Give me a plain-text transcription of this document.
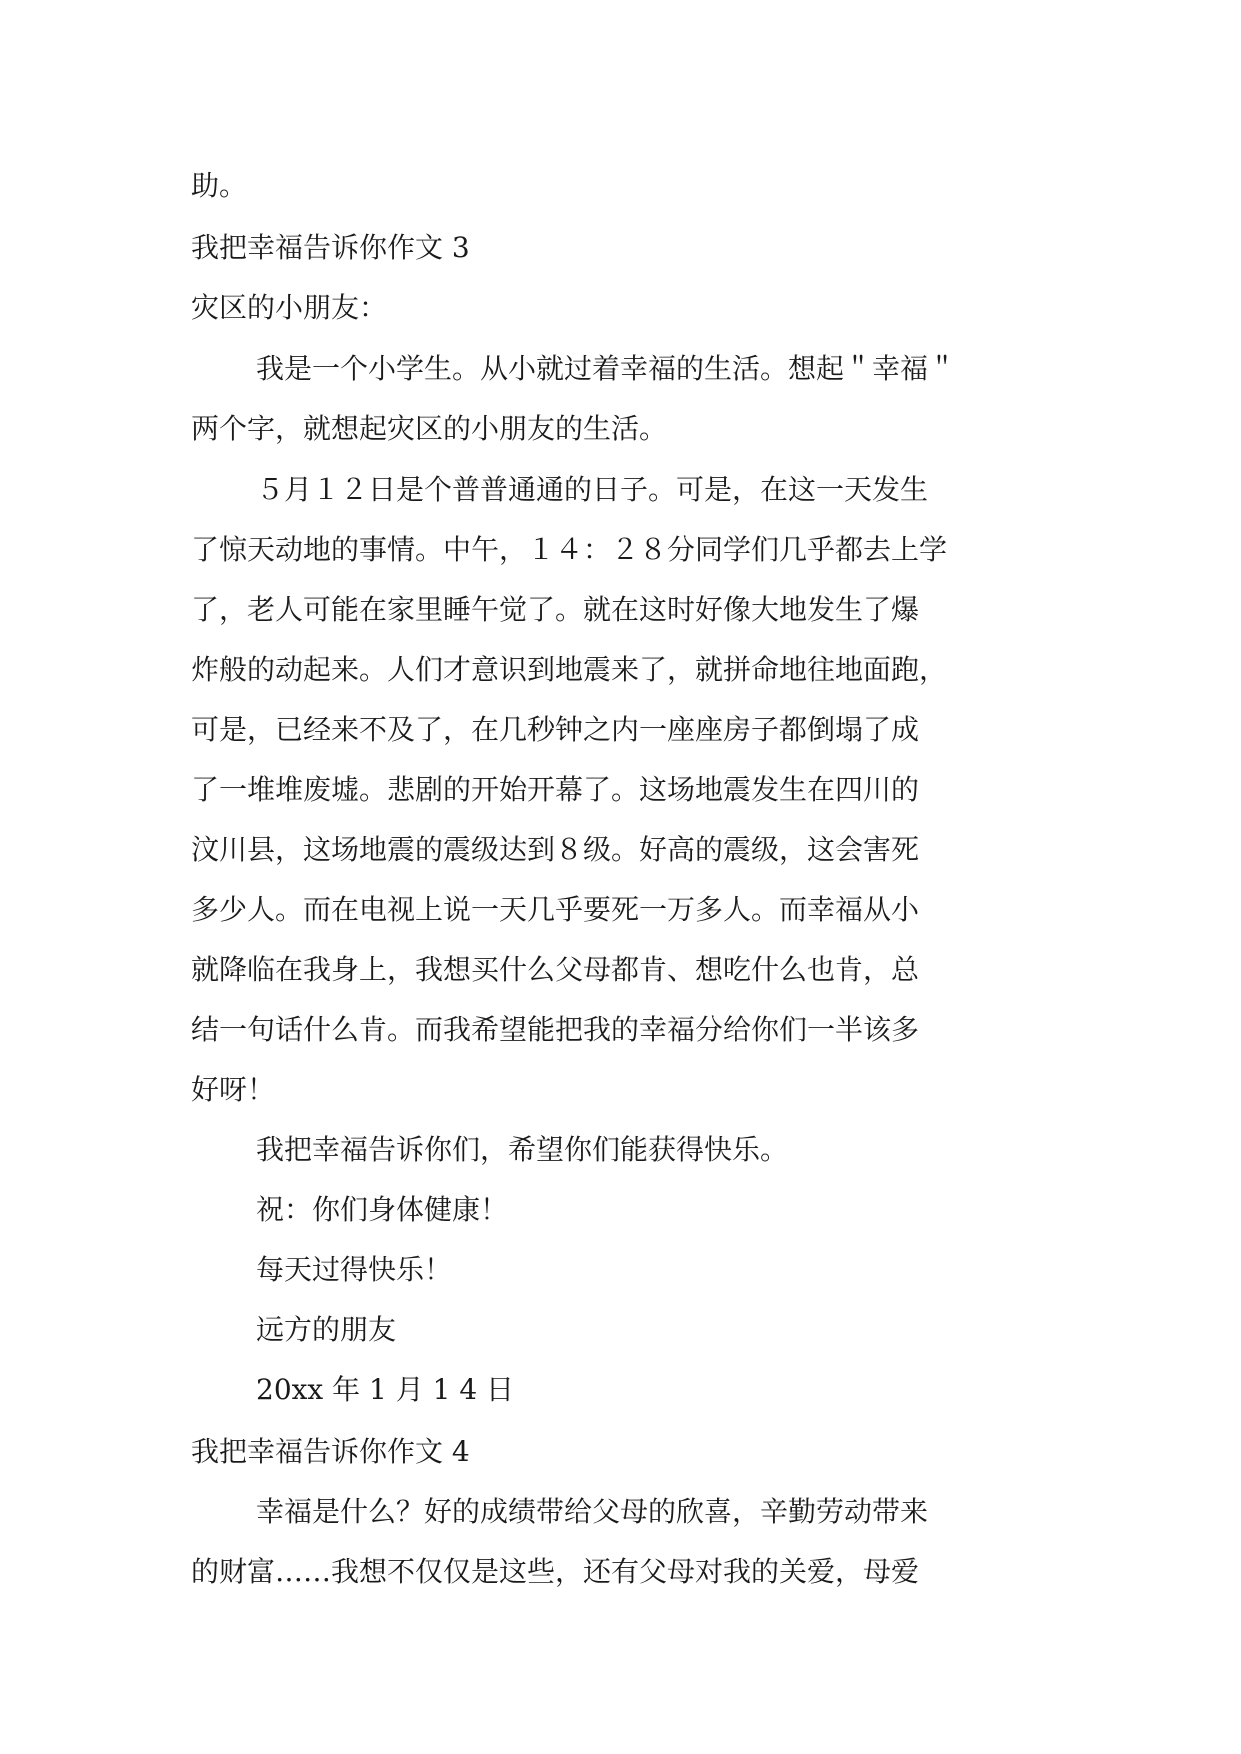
助。
我把幸福告诉你作文 3
灾区的小朋友：
我是一个小学生。从小就过着幸福的生活。想起＂幸福＂
两个字，就想起灾区的小朋友的生活。
５月１２日是个普普通通的日子。可是，在这一天发生
了惊天动地的事情。中午，１４：２８分同学们几乎都去上学
了，老人可能在家里睡午觉了。就在这时好像大地发生了爆
炸般的动起来。人们才意识到地震来了，就拼命地往地面跑，
可是，已经来不及了，在几秒钟之内一座座房子都倒塌了成
了一堆堆废墟。悲剧的开始开幕了。这场地震发生在四川的
汶川县，这场地震的震级达到８级。好高的震级，这会害死
多少人。而在电视上说一天几乎要死一万多人。而幸福从小
就降临在我身上，我想买什么父母都肯、想吃什么也肯，总
结一句话什么肯。而我希望能把我的幸福分给你们一半该多
好呀！
我把幸福告诉你们，希望你们能获得快乐。
祝：你们身体健康！
每天过得快乐！
远方的朋友
20xx 年 1 月 1 4 日
我把幸福告诉你作文 4
幸福是什么？好的成绩带给父母的欣喜，辛勤劳动带来
的财富……我想不仅仅是这些，还有父母对我的关爱，母爱
